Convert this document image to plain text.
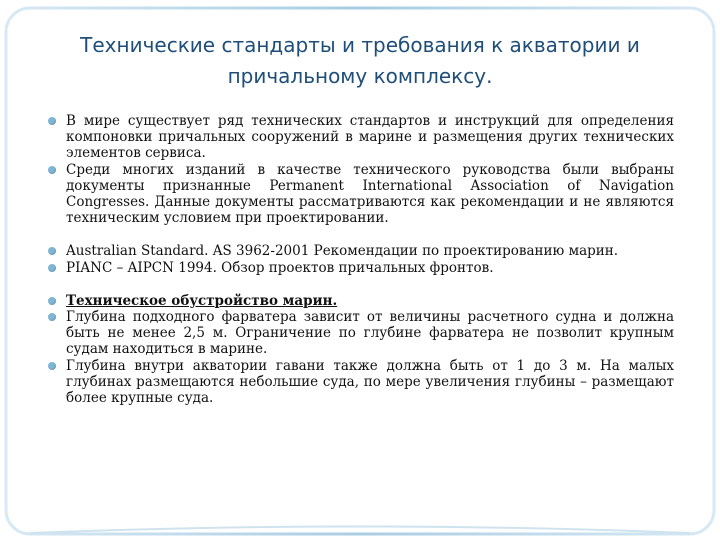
Технические стандарты и требования к акватории и
причальному комплексу.
В мире существует ряд технических стандартов и инструкций для определения компоновки причальных сооружений в марине и размещения других технических элементов сервиса.
Среди многих изданий в качестве технического руководства были выбраны документы признанные Permanent International Association of Navigation Congresses. Данные документы рассматриваются как рекомендации и не являются техническим условием при проектировании.
Australian Standard. AS 3962-2001 Рекомендации по проектированию марин.
PIANC – AIPCN 1994. Обзор проектов причальных фронтов.
Техническое обустройство марин.
Глубина подходного фарватера зависит от величины расчетного судна и должна быть не менее 2,5 м. Ограничение по глубине фарватера не позволит крупным судам находиться в марине.
Глубина внутри акватории гавани также должна быть от 1 до 3 м. На малых глубинах размещаются небольшие суда, по мере увеличения глубины – размещают более крупные суда.
